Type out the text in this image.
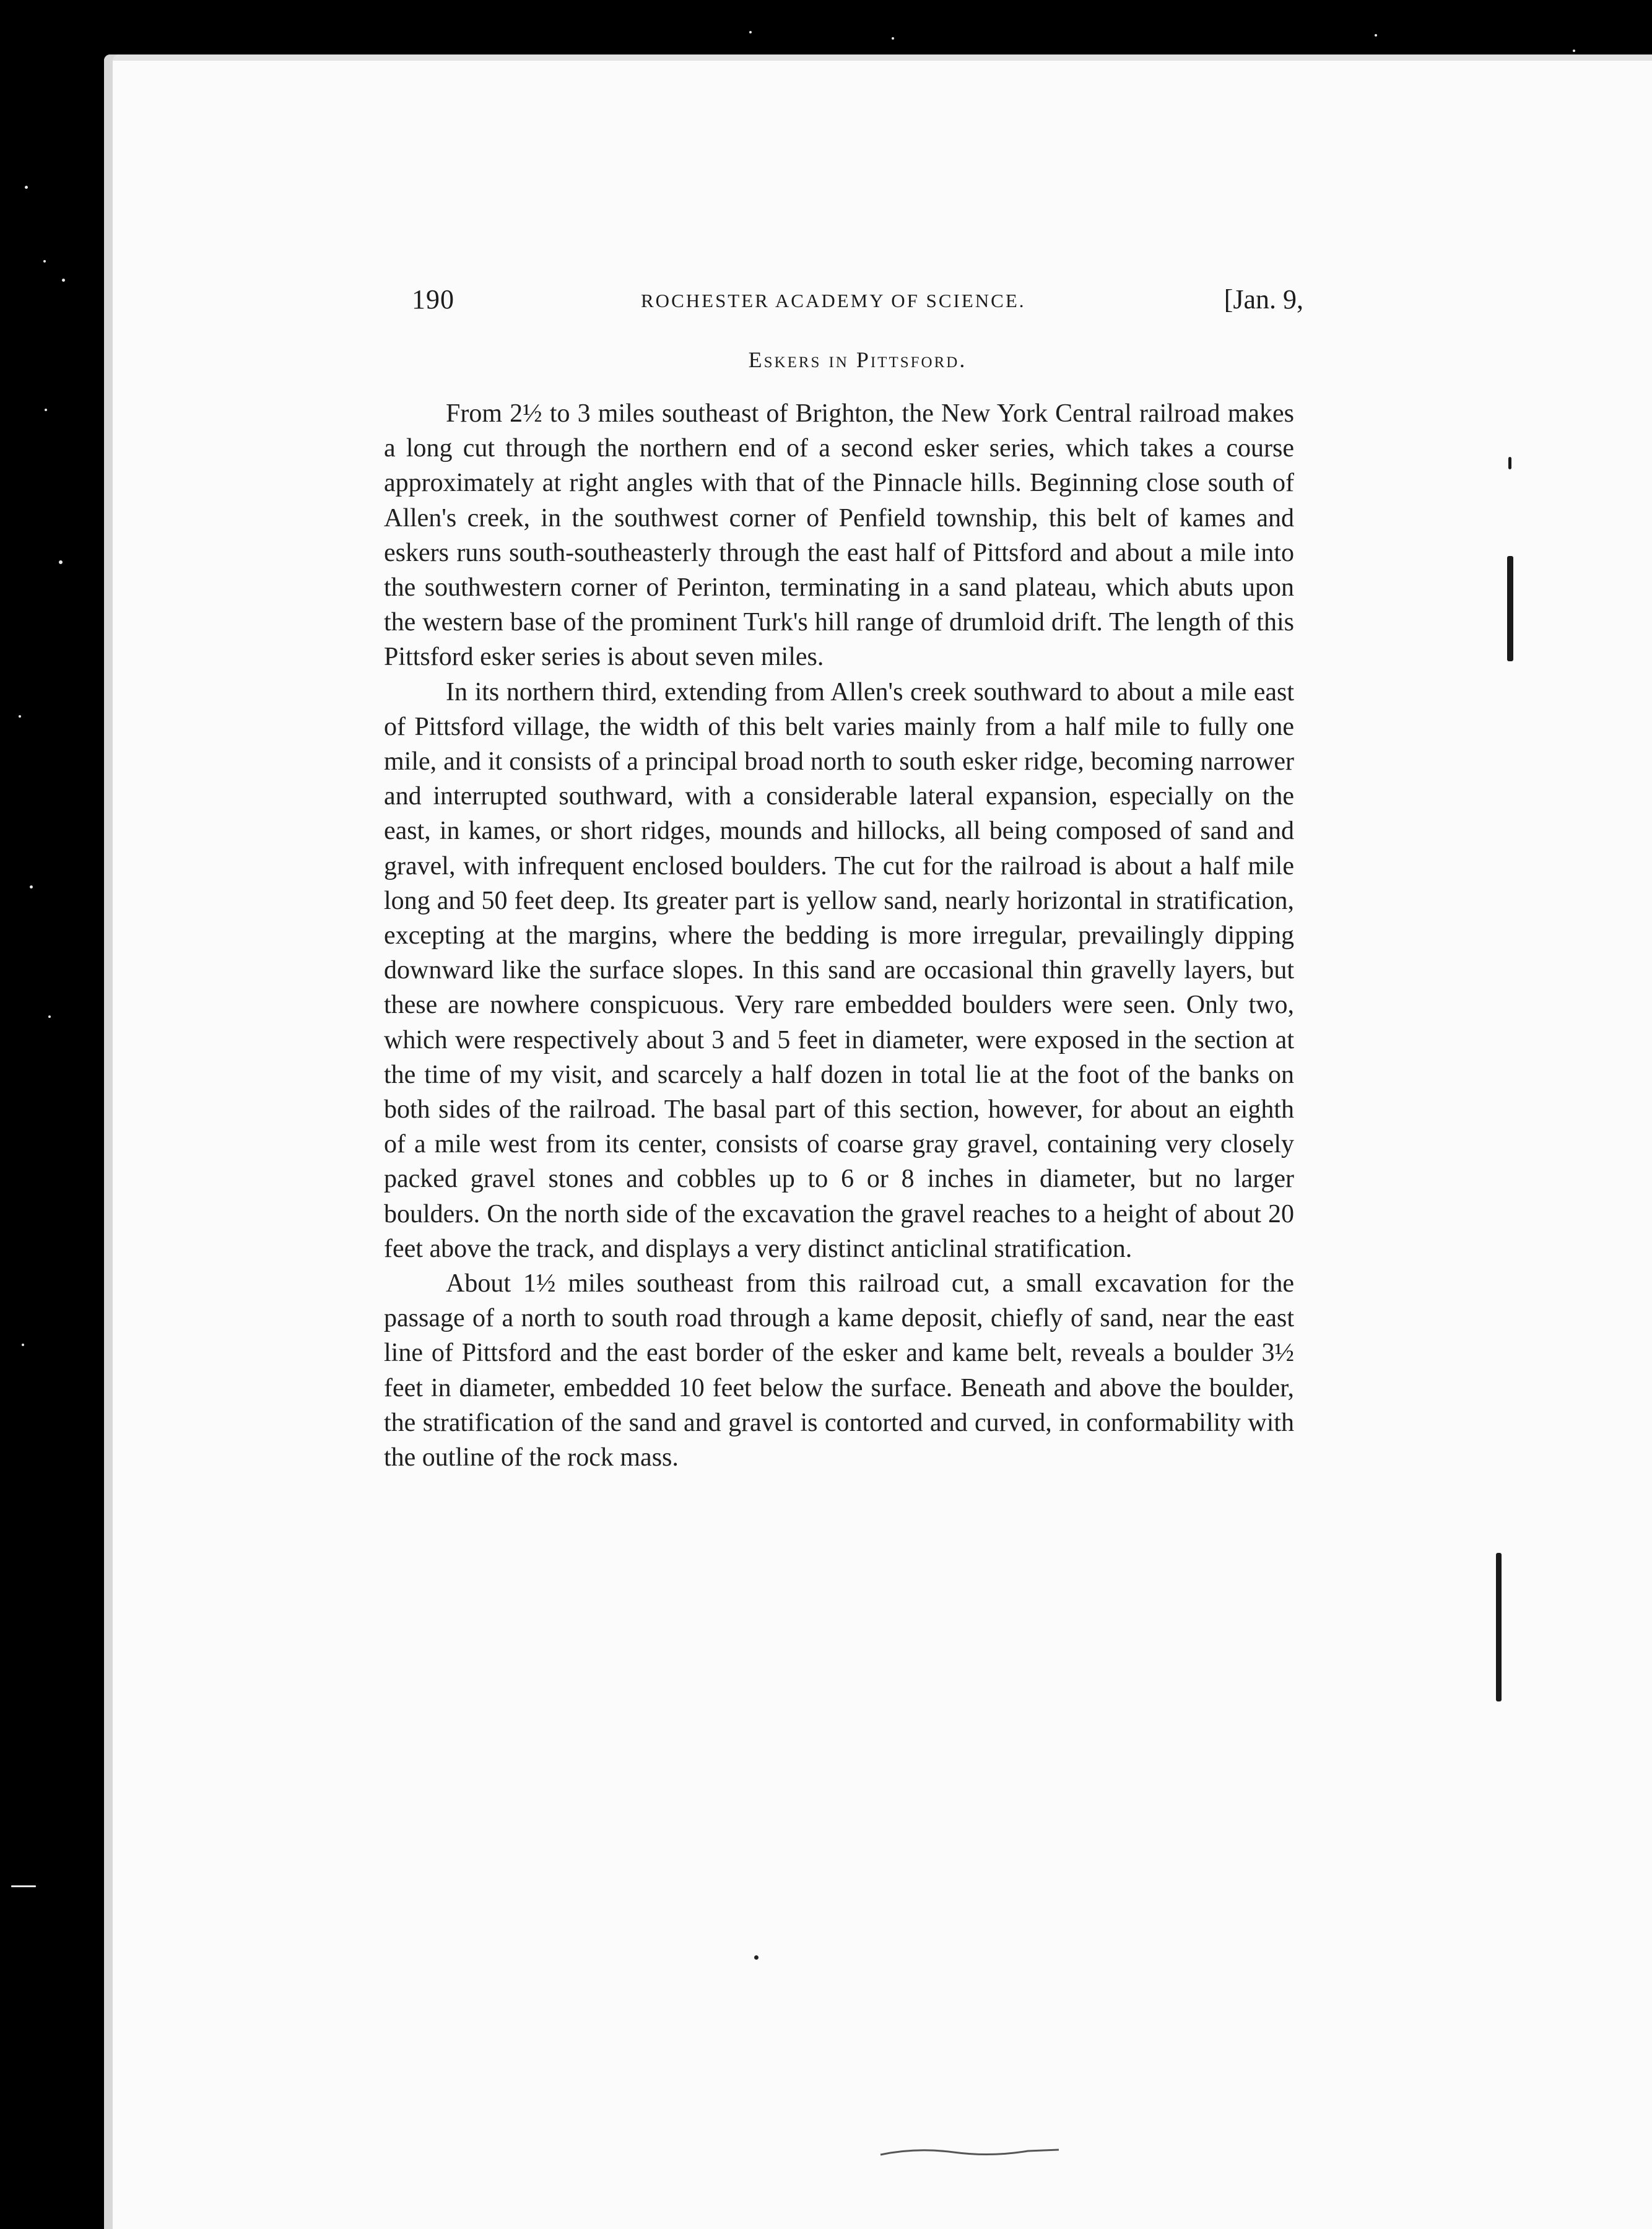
190	ROCHESTER ACADEMY OF SCIENCE.	[Jan. 9,
Eskers in Pittsford.

From 2½ to 3 miles southeast of Brighton, the New York Central railroad makes a long cut through the northern end of a second esker series, which takes a course approximately at right angles with that of the Pinnacle hills. Beginning close south of Allen's creek, in the southwest corner of Penfield township, this belt of kames and eskers runs south-southeasterly through the east half of Pittsford and about a mile into the southwestern corner of Perinton, terminating in a sand plateau, which abuts upon the western base of the prominent Turk's hill range of drumloid drift. The length of this Pittsford esker series is about seven miles.

In its northern third, extending from Allen's creek southward to about a mile east of Pittsford village, the width of this belt varies mainly from a half mile to fully one mile, and it consists of a principal broad north to south esker ridge, becoming narrower and interrupted southward, with a considerable lateral expansion, especially on the east, in kames, or short ridges, mounds and hillocks, all being composed of sand and gravel, with infrequent enclosed boulders. The cut for the railroad is about a half mile long and 50 feet deep. Its greater part is yellow sand, nearly horizontal in stratification, excepting at the margins, where the bedding is more irregular, prevailingly dipping downward like the surface slopes. In this sand are occasional thin gravelly layers, but these are nowhere conspicuous. Very rare embedded boulders were seen. Only two, which were respectively about 3 and 5 feet in diameter, were exposed in the section at the time of my visit, and scarcely a half dozen in total lie at the foot of the banks on both sides of the railroad. The basal part of this section, however, for about an eighth of a mile west from its center, consists of coarse gray gravel, containing very closely packed gravel stones and cobbles up to 6 or 8 inches in diameter, but no larger boulders. On the north side of the excavation the gravel reaches to a height of about 20 feet above the track, and displays a very distinct anticlinal stratification.

About 1½ miles southeast from this railroad cut, a small excavation for the passage of a north to south road through a kame deposit, chiefly of sand, near the east line of Pittsford and the east border of the esker and kame belt, reveals a boulder 3½ feet in diameter, embedded 10 feet below the surface. Beneath and above the boulder, the stratification of the sand and gravel is contorted and curved, in conformability with the outline of the rock mass.
